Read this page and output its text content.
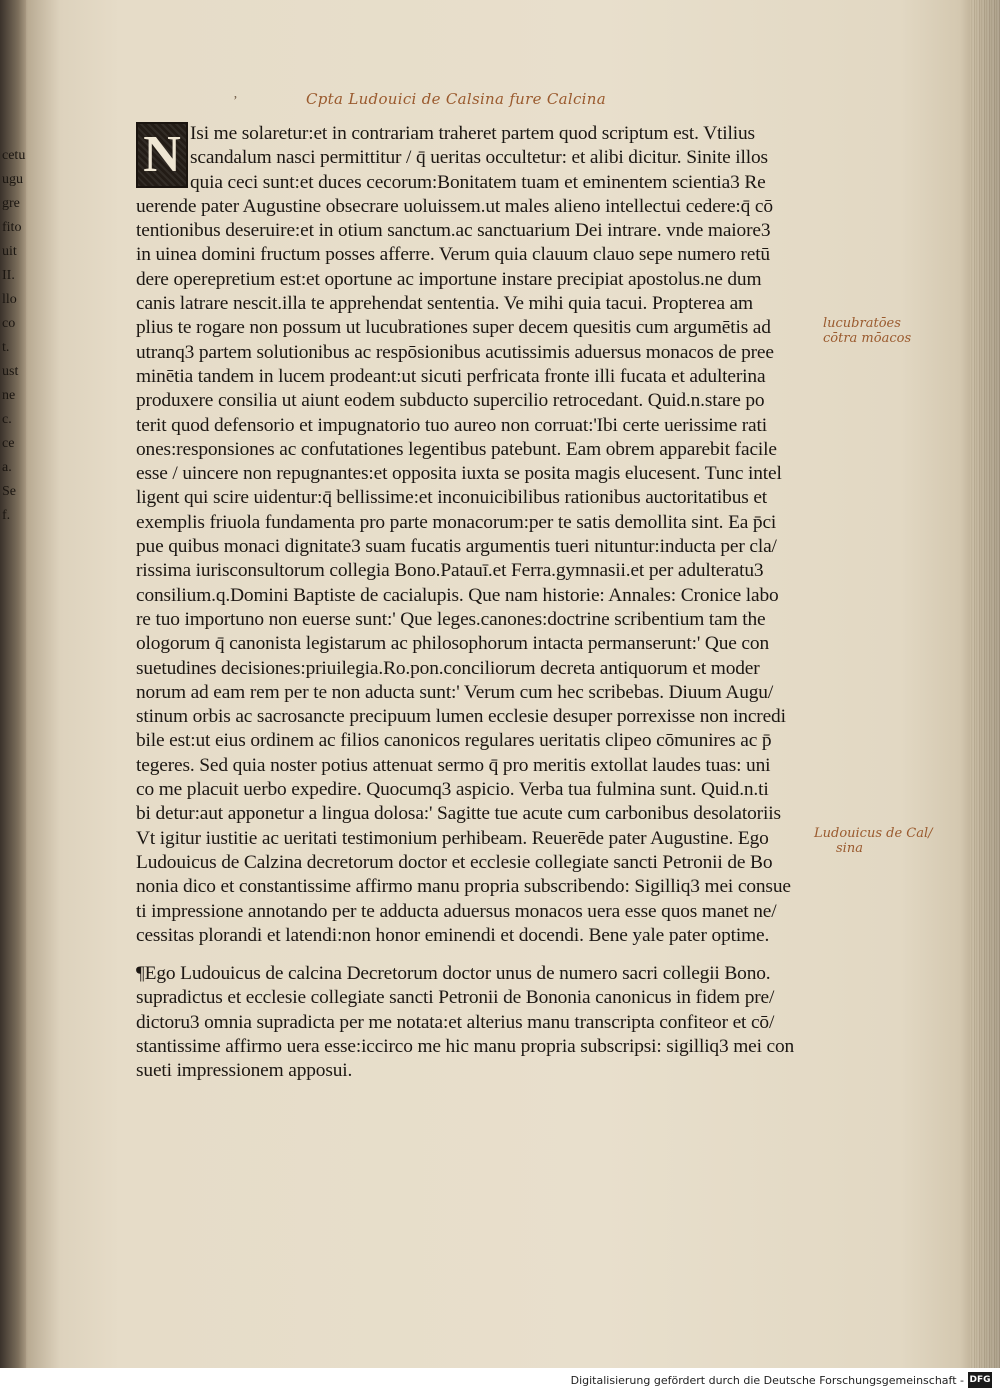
cetu
ugu
gre
fito
uit
II.
llo
co
t.
ust
ne
c.
ce
a.
Se
f.
ʼ	Cpta Ludouici de Calsina fure Calcina
N Isi me solaretur:et in contrariam traheret partem quod scriptum est. Vtilius
scandalum nasci permittitur / q̄ ueritas occultetur: et alibi dicitur. Sinite illos
quia ceci sunt:et duces cecorum:Bonitatem tuam et eminentem scientia3 Re
uerende pater Augustine obsecrare uoluissem.ut males alieno intellectui cedere:q̄ cō
tentionibus deseruire:et in otium sanctum.ac sanctuarium Dei intrare. vnde maiore3
in uinea domini fructum posses afferre. Verum quia clauum clauo sepe numero retū
dere operepretium est:et oportune ac importune instare precipiat apostolus.ne dum
canis latrare nescit.illa te apprehendat sententia. Ve mihi quia tacui. Propterea am
plius te rogare non possum ut lucubrationes super decem quesitis cum argumētis ad
utranq3 partem solutionibus ac respōsionibus acutissimis aduersus monacos de pree
minētia tandem in lucem prodeant:ut sicuti perfricata fronte illi fucata et adulterina
produxere consilia ut aiunt eodem subducto supercilio retrocedant. Quid.n.stare po
terit quod defensorio et impugnatorio tuo aureo non corruat:'Ibi certe uerissime rati
ones:responsiones ac confutationes legentibus patebunt. Eam obrem apparebit facile
esse / uincere non repugnantes:et opposita iuxta se posita magis elucesent. Tunc intel
ligent qui scire uidentur:q̄ bellissime:et inconuicibilibus rationibus auctoritatibus et
exemplis friuola fundamenta pro parte monacorum:per te satis demollita sint. Ea p̄ci
pue quibus monaci dignitate3 suam fucatis argumentis tueri nituntur:inducta per cla/
rissima iurisconsultorum collegia Bono.Patauī.et Ferra.gymnasii.et per adulteratu3
consilium.q.Domini Baptiste de cacialupis. Que nam historie: Annales: Cronice labo
re tuo importuno non euerse sunt:' Que leges.canones:doctrine scribentium tam the
ologorum q̄ canonista legistarum ac philosophorum intacta permanserunt:' Que con
suetudines decisiones:priuilegia.Ro.pon.conciliorum decreta antiquorum et moder
norum ad eam rem per te non aducta sunt:' Verum cum hec scribebas. Diuum Augu/
stinum orbis ac sacrosancte precipuum lumen ecclesie desuper porrexisse non incredi
bile est:ut eius ordinem ac filios canonicos regulares ueritatis clipeo cōmunires ac p̄
tegeres. Sed quia noster potius attenuat sermo q̄ pro meritis extollat laudes tuas: uni
co me placuit uerbo expedire. Quocumq3 aspicio. Verba tua fulmina sunt. Quid.n.ti
bi detur:aut apponetur a lingua dolosa:' Sagitte tue acute cum carbonibus desolatoriis
Vt igitur iustitie ac ueritati testimonium perhibeam. Reuerēde pater Augustine. Ego
Ludouicus de Calzina decretorum doctor et ecclesie collegiate sancti Petronii de Bo
nonia dico et constantissime affirmo manu propria subscribendo: Sigilliq3 mei consue
ti impressione annotando per te adducta aduersus monacos uera esse quos manet ne/
cessitas plorandi et latendi:non honor eminendi et docendi. Bene yale pater optime.
¶Ego Ludouicus de calcina Decretorum doctor unus de numero sacri collegii Bono.
supradictus et ecclesie collegiate sancti Petronii de Bononia canonicus in fidem pre/
dictoru3 omnia supradicta per me notata:et alterius manu transcripta confiteor et cō/
stantissime affirmo uera esse:iccirco me hic manu propria subscripsi: sigilliq3 mei con
sueti impressionem apposui.
lucubratōes
cōtra mōacos
Ludouicus de Cal/
sina
Digitalisierung gefördert durch die Deutsche Forschungsgemeinschaft - DFG
